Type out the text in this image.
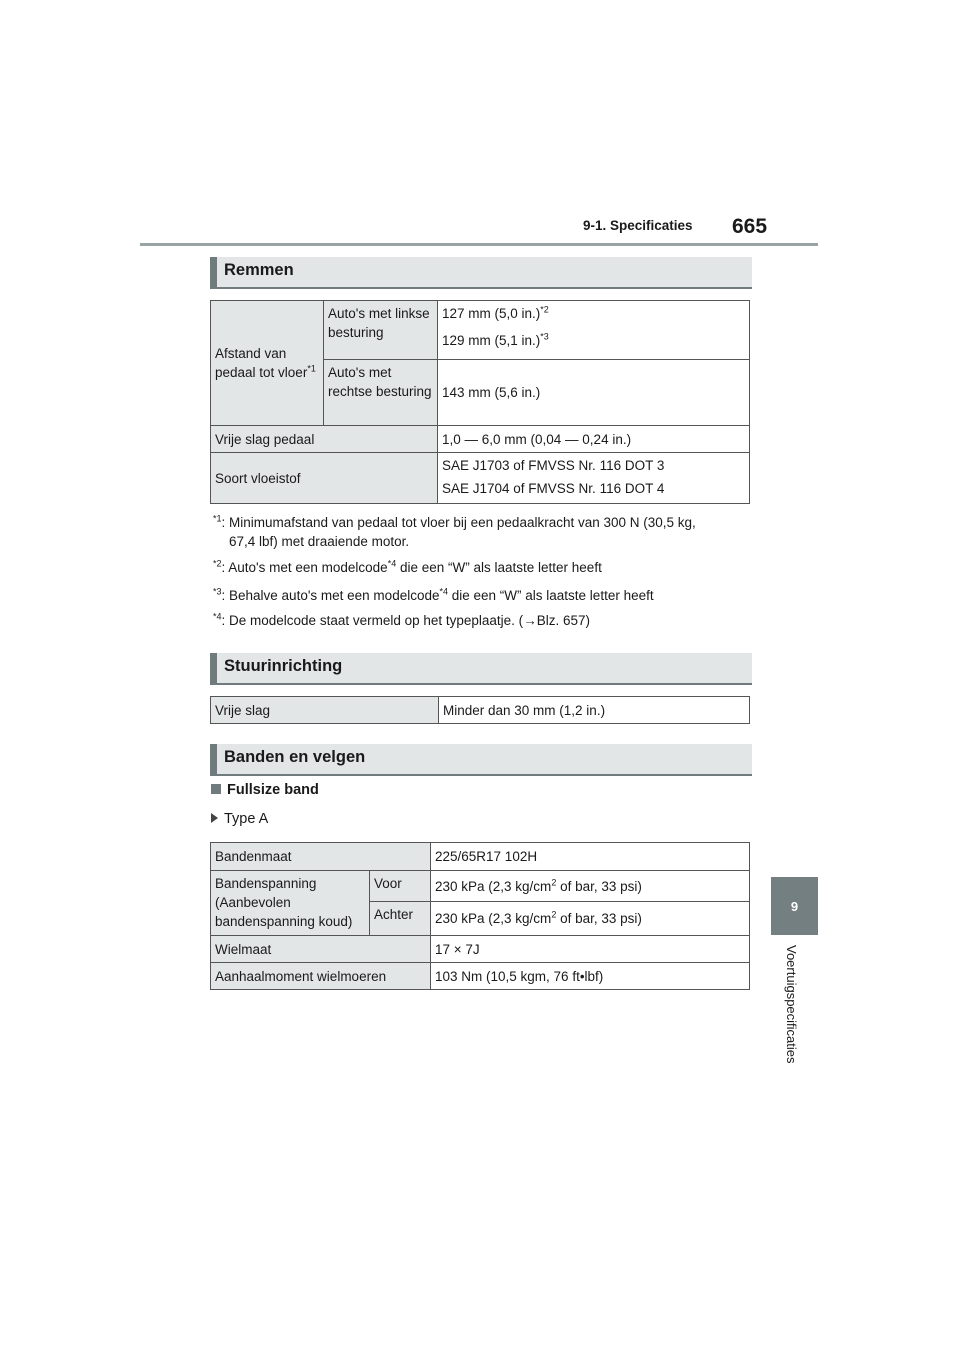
9-1. Specificaties 665
9
Voertuigspecificaties
Remmen
Afstand van pedaal tot vloer$^{*1}$	Auto's met linkse besturing	127 mm (5,0 in.)$^{*2}$
129 mm (5,1 in.)$^{*3}$

	Auto's met rechtse besturing	143 mm (5,6 in.)
Vrije slag pedaal		1,0 — 6,0 mm (0,04 — 0,24 in.)
Soort vloeistof		SAE J1703 of FMVSS Nr. 116 DOT 3
SAE J1704 of FMVSS Nr. 116 DOT 4
$^{*1}$: Minimumafstand van pedaal tot vloer bij een pedaalkracht van 300 N (30,5 kg,
67,4 lbf) met draaiende motor.
$^{*2}$: Auto's met een modelcode$^{*4}$ die een “W” als laatste letter heeft
$^{*3}$: Behalve auto's met een modelcode$^{*4}$ die een “W” als laatste letter heeft
$^{*4}$: De modelcode staat vermeld op het typeplaatje. (→Blz. 657)
Stuurinrichting
Vrije slag	Minder dan 30 mm (1,2 in.)
Banden en velgen
Fullsize band
Type A
Bandenmaat		225/65R17 102H
Bandenspanning (Aanbevolen bandenspanning koud)	Voor	230 kPa (2,3 $kg/cm^2$ of bar, 33 psi)
	Achter	230 kPa (2,3 $kg/cm^2$ of bar, 33 psi)
Wielmaat		17 × 7J
Aanhaalmoment wielmoeren		103 Nm (10,5 kgm, 76 ft•lbf)
